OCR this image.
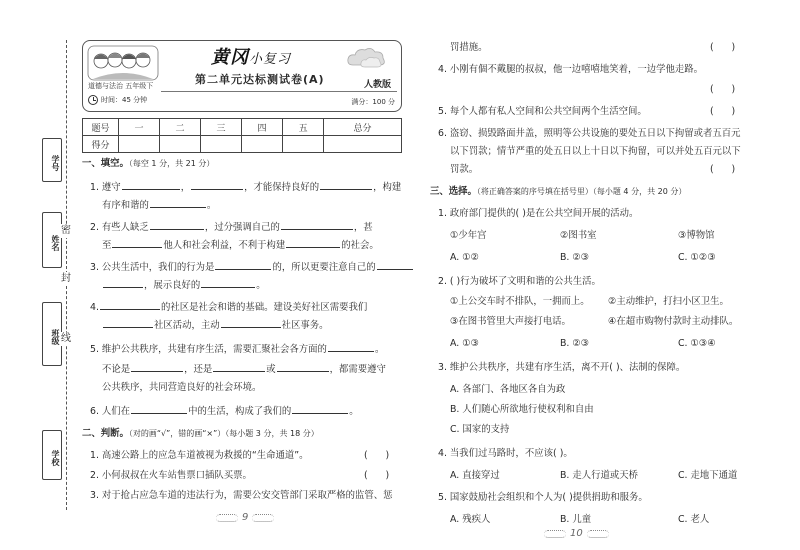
学号
姓名
班级
学校
密
封
线
道德与法治 五年级下
时间：45 分钟
黄冈小复习
第二单元达标测试卷(A)	人教版
满分：100 分
题号	一	二	三	四	五	总分
得分						
一、填空。（每空 1 分，共 21 分）
1. 遵守	，	，才能保持良好的	，构建
有序和谐的	。
2. 有些人缺乏	，过分强调自己的	，甚
至	他人和社会利益，不利于构建	的社会。
3. 公共生活中，我们的行为是	的，所以更要注意自己的
，展示良好的	。
4.	的社区是社会和谐的基础。建设美好社区需要我们
社区活动，主动	社区事务。
5. 维护公共秩序，共建有序生活，需要汇聚社会各方面的	。
不论是	，还是	或	，都需要遵守
公共秩序，共同营造良好的社会环境。
6. 人们在	中的生活，构成了我们的	。
二、判断。（对的画“√”，错的画“×”）（每小题 3 分，共 18 分）
1. 高速公路上的应急车道被视为救援的“生命通道”。	(      )
2. 小何叔叔在火车站售票口插队买票。	(      )
3. 对于抢占应急车道的违法行为，需要公安交管部门采取严格的监管、惩
9
罚措施。	(      )
4. 小刚有個不戴腿的叔叔，他一边嘻嘻地笑着，一边学他走路。
(      )
5. 每个人都有私人空间和公共空间两个生活空间。	(      )
6. 盗窃、损毁路面井盖，照明等公共设施的要处五日以下拘留或者五百元
以下罚款；情节严重的处五日以上十日以下拘留，可以并处五百元以下
罚款。	(      )
三、选择。（将正确答案的序号填在括号里）（每小题 4 分，共 20 分）
1. 政府部门提供的( )是在公共空间开展的活动。
①少年宫	②图书室	③博物馆
A. ①②	B. ②③	C. ①②③
2. ( )行为破坏了文明和谐的公共生活。
①上公交车时不排队，一拥而上。 ②主动维护，打扫小区卫生。
③在图书管里大声接打电话。	④在超市购物付款时主动排队。
A. ①③	B. ②③	C. ①③④
3. 维护公共秩序，共建有序生活，离不开( )、法制的保障。
A. 各部门、各地区各自为政
B. 人们随心所欲地行使权利和自由
C. 国家的支持
4. 当我们过马路时，不应该( )。
A. 直接穿过	B. 走人行道或天桥	C. 走地下通道
5. 国家鼓励社会组织和个人为( )提供捐助和服务。
A. 残疾人	B. 儿童	C. 老人
10
